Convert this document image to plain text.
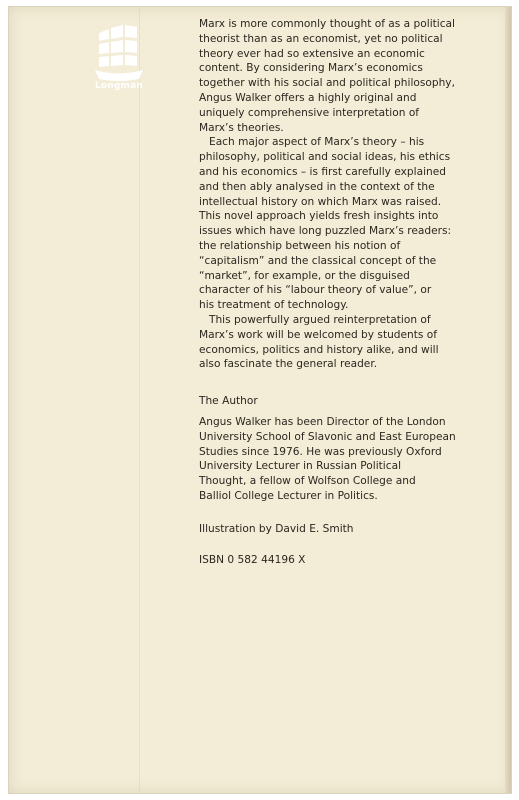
Longman
Marx is more commonly thought of as a political
theorist than as an economist, yet no political
theory ever had so extensive an economic
content. By considering Marx’s economics
together with his social and political philosophy,
Angus Walker offers a highly original and
uniquely comprehensive interpretation of
Marx’s theories.
Each major aspect of Marx’s theory – his
philosophy, political and social ideas, his ethics
and his economics – is first carefully explained
and then ably analysed in the context of the
intellectual history on which Marx was raised.
This novel approach yields fresh insights into
issues which have long puzzled Marx’s readers:
the relationship between his notion of
“capitalism” and the classical concept of the
“market”, for example, or the disguised
character of his “labour theory of value”, or
his treatment of technology.
This powerfully argued reinterpretation of
Marx’s work will be welcomed by students of
economics, politics and history alike, and will
also fascinate the general reader.
The Author
Angus Walker has been Director of the London
University School of Slavonic and East European
Studies since 1976. He was previously Oxford
University Lecturer in Russian Political
Thought, a fellow of Wolfson College and
Balliol College Lecturer in Politics.
Illustration by David E. Smith
ISBN 0 582 44196 X
